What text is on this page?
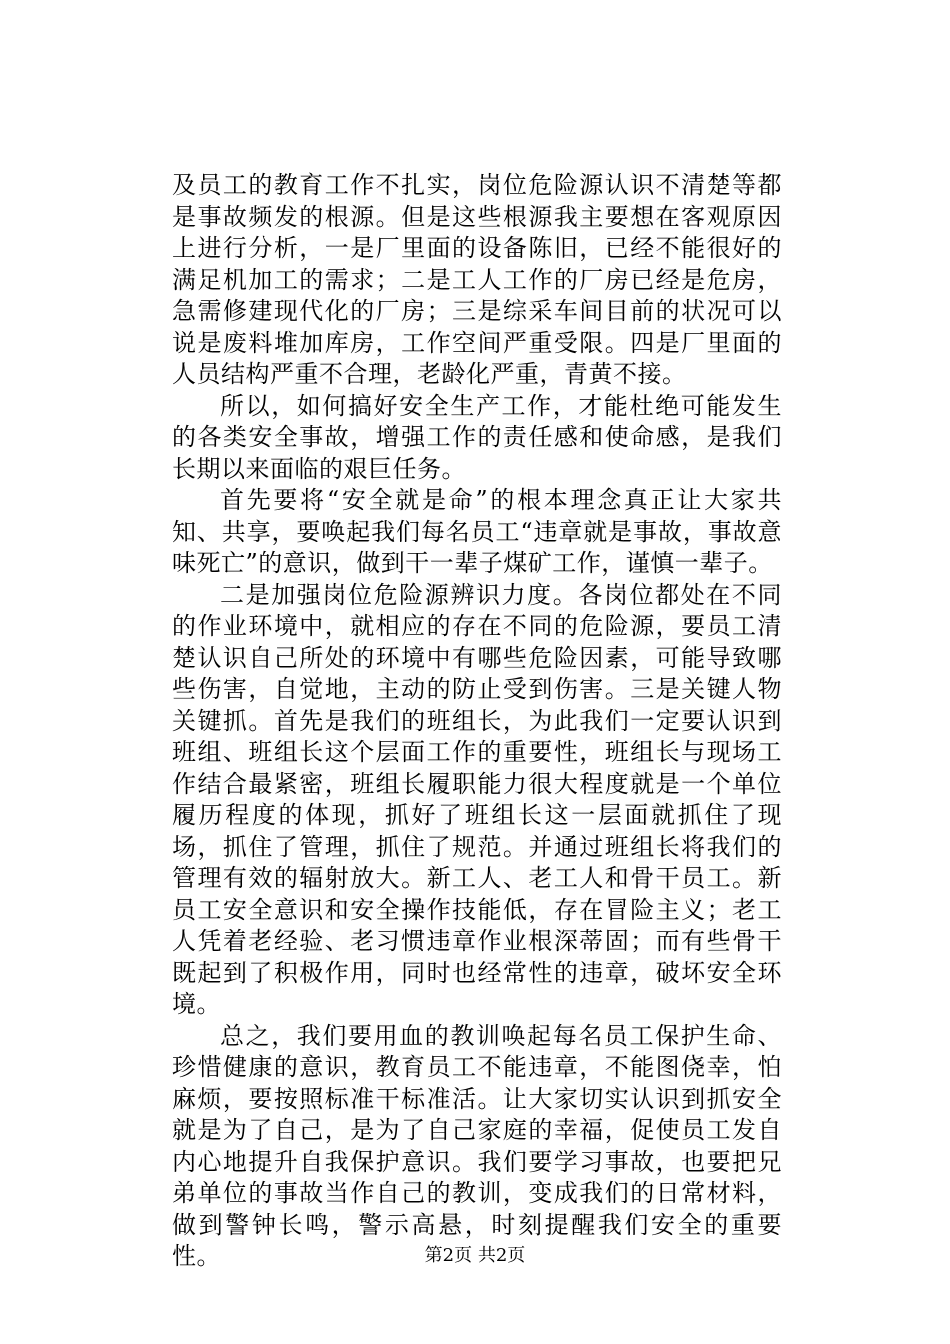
及员工的教育工作不扎实，岗位危险源认识不清楚等都是事故频发的根源。但是这些根源我主要想在客观原因上进行分析，一是厂里面的设备陈旧，已经不能很好的满足机加工的需求；二是工人工作的厂房已经是危房，急需修建现代化的厂房；三是综采车间目前的状况可以说是废料堆加库房，工作空间严重受限。四是厂里面的人员结构严重不合理，老龄化严重，青黄不接。

所以，如何搞好安全生产工作，才能杜绝可能发生的各类安全事故，增强工作的责任感和使命感，是我们长期以来面临的艰巨任务。

首先要将“安全就是命”的根本理念真正让大家共知、共享，要唤起我们每名员工“违章就是事故，事故意味死亡”的意识，做到干一辈子煤矿工作，谨慎一辈子。

二是加强岗位危险源辨识力度。各岗位都处在不同的作业环境中，就相应的存在不同的危险源，要员工清楚认识自己所处的环境中有哪些危险因素，可能导致哪些伤害，自觉地，主动的防止受到伤害。三是关键人物关键抓。首先是我们的班组长，为此我们一定要认识到班组、班组长这个层面工作的重要性，班组长与现场工作结合最紧密，班组长履职能力很大程度就是一个单位履历程度的体现，抓好了班组长这一层面就抓住了现场，抓住了管理，抓住了规范。并通过班组长将我们的管理有效的辐射放大。新工人、老工人和骨干员工。新员工安全意识和安全操作技能低，存在冒险主义；老工人凭着老经验、老习惯违章作业根深蒂固；而有些骨干既起到了积极作用，同时也经常性的违章，破坏安全环境。

总之，我们要用血的教训唤起每名员工保护生命、珍惜健康的意识，教育员工不能违章，不能图侥幸，怕麻烦，要按照标准干标准活。让大家切实认识到抓安全就是为了自己，是为了自己家庭的幸福，促使员工发自内心地提升自我保护意识。我们要学习事故，也要把兄弟单位的事故当作自己的教训，变成我们的日常材料，做到警钟长鸣，警示高悬，时刻提醒我们安全的重要性。	第2页 共2页
